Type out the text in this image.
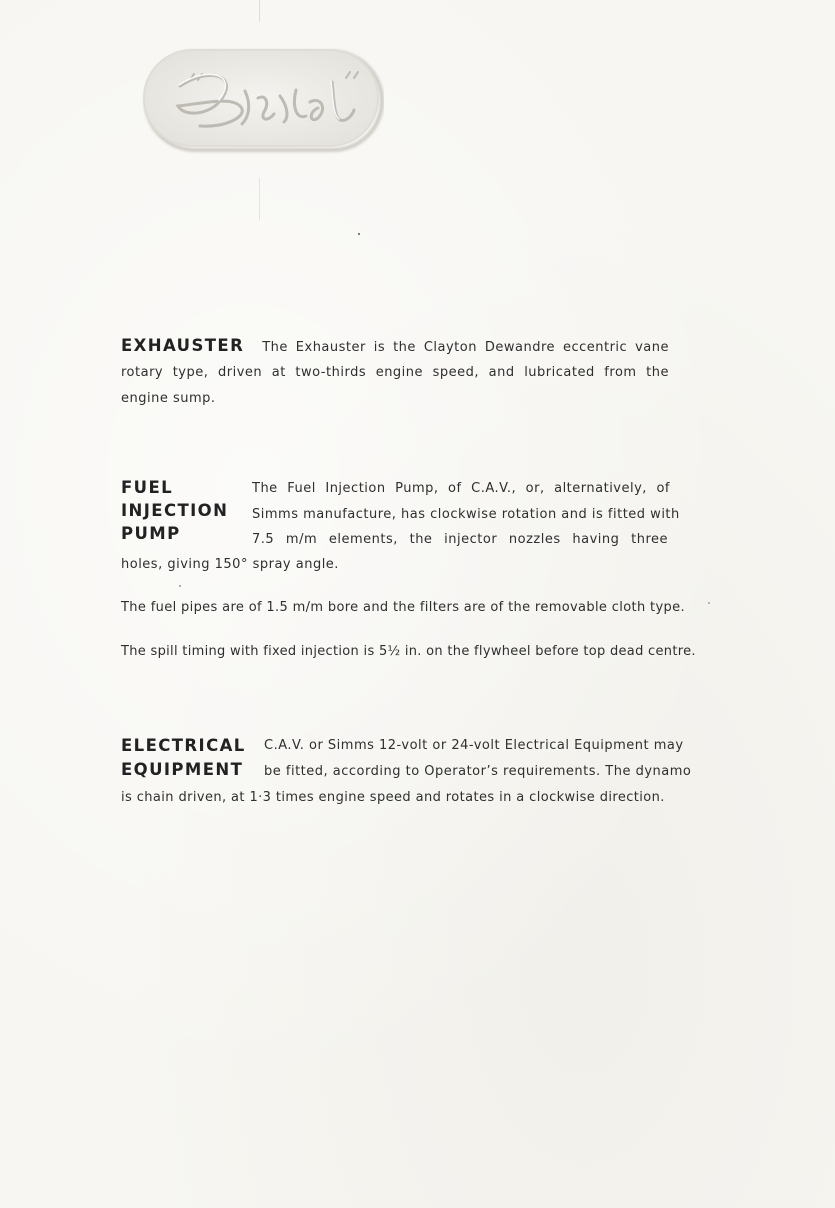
EXHAUSTER The Exhauster is the Clayton Dewandre eccentric vane
rotary type, driven at two-thirds engine speed, and lubricated from the
engine sump.
FUEL
INJECTION
PUMP
The Fuel Injection Pump, of C.A.V., or, alternatively, of
Simms manufacture, has clockwise rotation and is fitted with
7.5 m/m elements, the injector nozzles having three
holes, giving 150° spray angle.
The fuel pipes are of 1.5 m/m bore and the filters are of the removable cloth type.
The spill timing with fixed injection is 5½ in. on the flywheel before top dead centre.
ELECTRICAL
EQUIPMENT
C.A.V. or Simms 12-volt or 24-volt Electrical Equipment may
be fitted, according to Operator’s requirements. The dynamo
is chain driven, at 1·3 times engine speed and rotates in a clockwise direction.
